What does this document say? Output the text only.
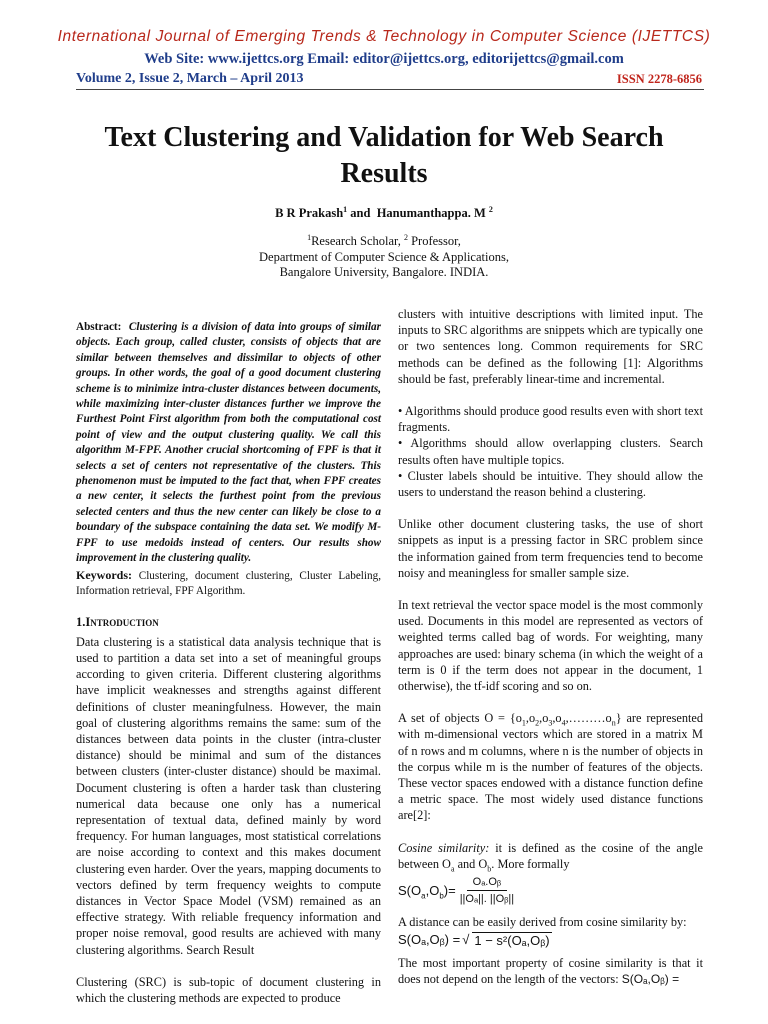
International Journal of Emerging Trends & Technology in Computer Science (IJETTCS)
Web Site: www.ijettcs.org Email: editor@ijettcs.org, editorijettcs@gmail.com
Volume 2, Issue 2, March – April 2013	ISSN 2278-6856
Text Clustering and Validation for Web Search Results
B R Prakash$^1$ and Hanumanthappa. M $^2$
$^1$Research Scholar, $^2$ Professor,
Department of Computer Science & Applications,
Bangalore University, Bangalore. INDIA.

Abstract: Clustering is a division of data into groups of similar objects. Each group, called cluster, consists of objects that are similar between themselves and dissimilar to objects of other groups. In other words, the goal of a good document clustering scheme is to minimize intra-cluster distances between documents, while maximizing inter-cluster distances further we improve the Furthest Point First algorithm from both the computational cost point of view and the output clustering quality. We call this algorithm M-FPF. Another crucial shortcoming of FPF is that it selects a set of centers not representative of the clusters. This phenomenon must be imputed to the fact that, when FPF creates a new center, it selects the furthest point from the previous selected centers and thus the new center can likely be close to a boundary of the subspace containing the data set. We modify M-FPF to use medoids instead of centers. Our results show improvement in the clustering quality.

Keywords: Clustering, document clustering, Cluster Labeling, Information retrieval, FPF Algorithm.

1.Introduction

Data clustering is a statistical data analysis technique that is used to partition a data set into a set of meaningful groups according to given criteria. Different clustering algorithms have implicit weaknesses and strengths against different definitions of cluster meaningfulness. However, the main goal of clustering algorithms remains the same: sum of the distances between data points in the cluster (intra-cluster distance) should be minimal and sum of the distances between clusters (inter-cluster distance) should be maximal. Document clustering is often a harder task than clustering numerical data because one only has a numerical representation of textual data, defined mainly by word frequency. For human languages, most statistical correlations are noise according to context and this makes document clustering even harder. Over the years, mapping documents to vectors defined by term frequency weights to compute distances in Vector Space Model (VSM) remained as an effective strategy. With reliable frequency information and proper noise removal, good results are achieved with many clustering algorithms. Search Result

Clustering (SRC) is sub-topic of document clustering in which the clustering methods are expected to produce

clusters with intuitive descriptions with limited input. The inputs to SRC algorithms are snippets which are typically one or two sentences long. Common requirements for SRC methods can be defined as the following [1]: Algorithms should be fast, preferably linear-time and incremental.

• Algorithms should produce good results even with short text fragments.

• Algorithms should allow overlapping clusters. Search results often have multiple topics.

• Cluster labels should be intuitive. They should allow the users to understand the reason behind a clustering.

Unlike other document clustering tasks, the use of short snippets as input is a pressing factor in SRC problem since the information gained from term frequencies tend to become noisy and meaningless for smaller sample size.

In text retrieval the vector space model is the most commonly used. Documents in this model are represented as vectors of weighted terms called bag of words. For weighting, many approaches are used: binary schema (in which the weight of a term is 0 if the term does not appear in the document, 1 otherwise), the tf-idf scoring and so on.

A set of objects $O = \{o_1,o_2,o_3,o_4,\dots\dots\dots o_n\}$ are represented with m-dimensional vectors which are stored in a matrix M of n rows and m columns, where n is the number of objects in the corpus while m is the number of features of the objects. These vector spaces endowed with a distance function define a metric space. The most widely used distance functions are[2]:

Cosine similarity: it is defined as the cosine of the angle between $O_a$ and $O_b$. More formally

$S(O_a,O_b)= \frac{\text{Oₐ.Oᵦ}}{\text{||Oₐ||. ||Oᵦ||}}$

A distance can be easily derived from cosine similarity by:

S(Oₐ,Oᵦ) = √ 1 − s²(Oₐ,Oᵦ)

The most important property of cosine similarity is that it does not depend on the length of the vectors: S(Oₐ,Oᵦ) =
